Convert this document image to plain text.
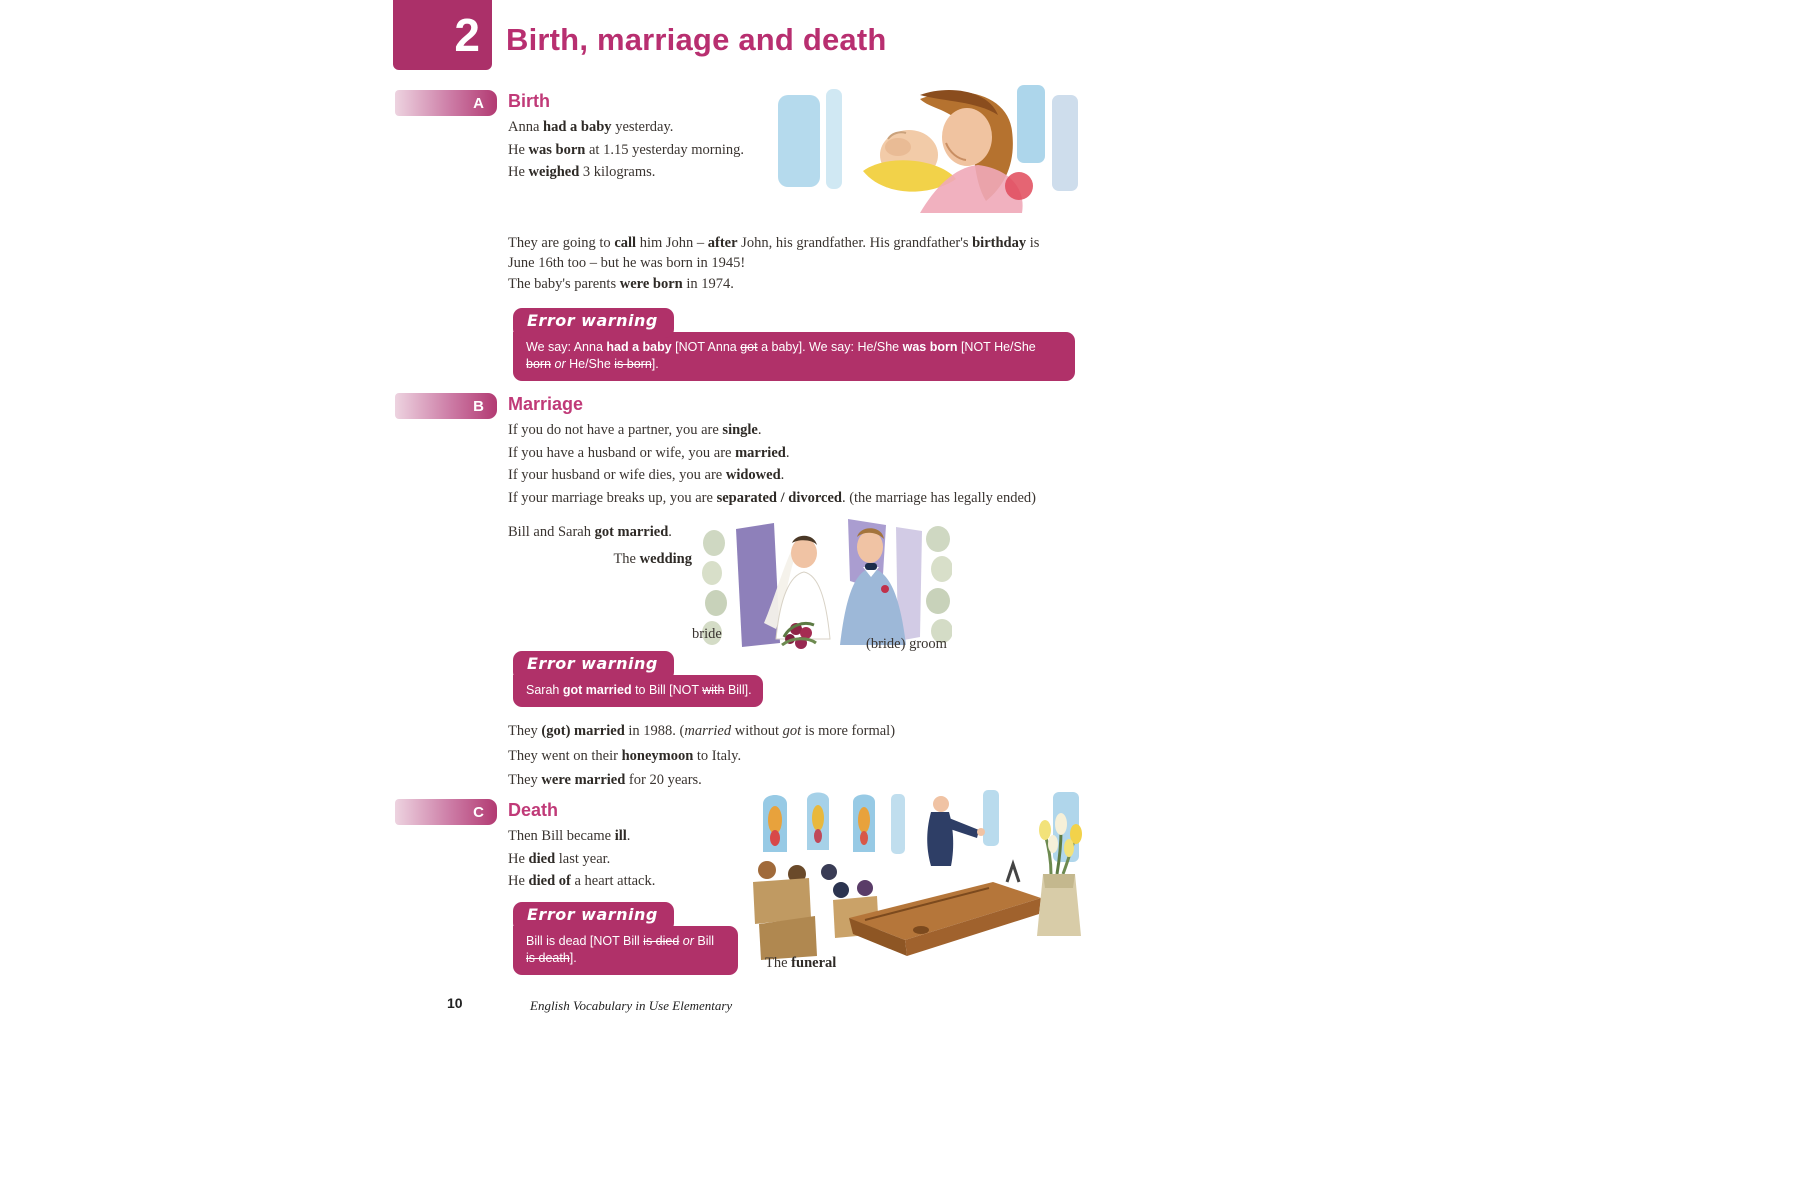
2 Birth, marriage and death
A Birth
Anna had a baby yesterday.
He was born at 1.15 yesterday morning.
He weighed 3 kilograms.
They are going to call him John – after John, his grandfather. His grandfather's birthday is June 16th too – but he was born in 1945!
The baby's parents were born in 1974.
Error warning
We say: Anna had a baby [NOT Anna got a baby]. We say: He/She was born [NOT He/She born or He/She is born].
B Marriage
If you do not have a partner, you are single.
If you have a husband or wife, you are married.
If your husband or wife dies, you are widowed.
If your marriage breaks up, you are separated / divorced. (the marriage has legally ended)
Bill and Sarah got married.
The wedding
bride
(bride) groom
Error warning
Sarah got married to Bill [NOT with Bill].
They (got) married in 1988. (married without got is more formal)
They went on their honeymoon to Italy.
They were married for 20 years.
C Death
Then Bill became ill.
He died last year.
He died of a heart attack.
Error warning
Bill is dead [NOT Bill is died or Bill is death].	The funeral
10	English Vocabulary in Use Elementary
